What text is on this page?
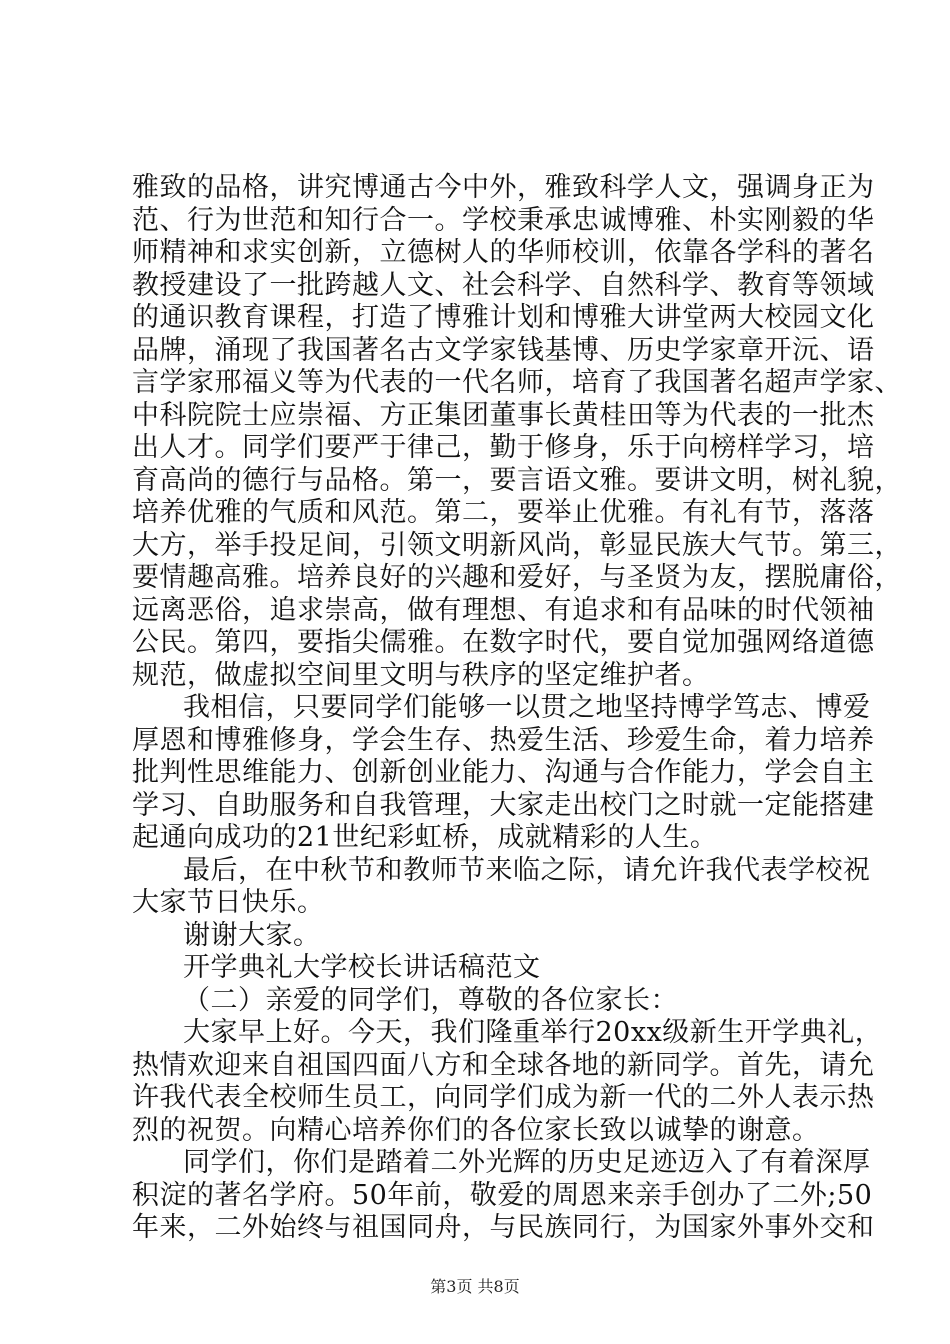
雅致的品格，讲究博通古今中外，雅致科学人文，强调身正为
范、行为世范和知行合一。学校秉承忠诚博雅、朴实刚毅的华
师精神和求实创新，立德树人的华师校训，依靠各学科的著名
教授建设了一批跨越人文、社会科学、自然科学、教育等领域
的通识教育课程，打造了博雅计划和博雅大讲堂两大校园文化
品牌，涌现了我国著名古文学家钱基博、历史学家章开沅、语
言学家邢福义等为代表的一代名师，培育了我国著名超声学家、
中科院院士应崇福、方正集团董事长黄桂田等为代表的一批杰
出人才。同学们要严于律己，勤于修身，乐于向榜样学习，培
育高尚的德行与品格。第一，要言语文雅。要讲文明，树礼貌，
培养优雅的气质和风范。第二，要举止优雅。有礼有节，落落
大方，举手投足间，引领文明新风尚，彰显民族大气节。第三，
要情趣高雅。培养良好的兴趣和爱好，与圣贤为友，摆脱庸俗，
远离恶俗，追求崇高，做有理想、有追求和有品味的时代领袖
公民。第四，要指尖儒雅。在数字时代，要自觉加强网络道德
规范，做虚拟空间里文明与秩序的坚定维护者。
我相信，只要同学们能够一以贯之地坚持博学笃志、博爱
厚恩和博雅修身，学会生存、热爱生活、珍爱生命，着力培养
批判性思维能力、创新创业能力、沟通与合作能力，学会自主
学习、自助服务和自我管理，大家走出校门之时就一定能搭建
起通向成功的21世纪彩虹桥，成就精彩的人生。
最后，在中秋节和教师节来临之际，请允许我代表学校祝
大家节日快乐。
谢谢大家。
开学典礼大学校长讲话稿范文
（二）亲爱的同学们，尊敬的各位家长：
大家早上好。今天，我们隆重举行20xx级新生开学典礼，
热情欢迎来自祖国四面八方和全球各地的新同学。首先，请允
许我代表全校师生员工，向同学们成为新一代的二外人表示热
烈的祝贺。向精心培养你们的各位家长致以诚挚的谢意。
同学们，你们是踏着二外光辉的历史足迹迈入了有着深厚
积淀的著名学府。50年前，敬爱的周恩来亲手创办了二外;50
年来，二外始终与祖国同舟，与民族同行，为国家外事外交和
第3页 共8页
